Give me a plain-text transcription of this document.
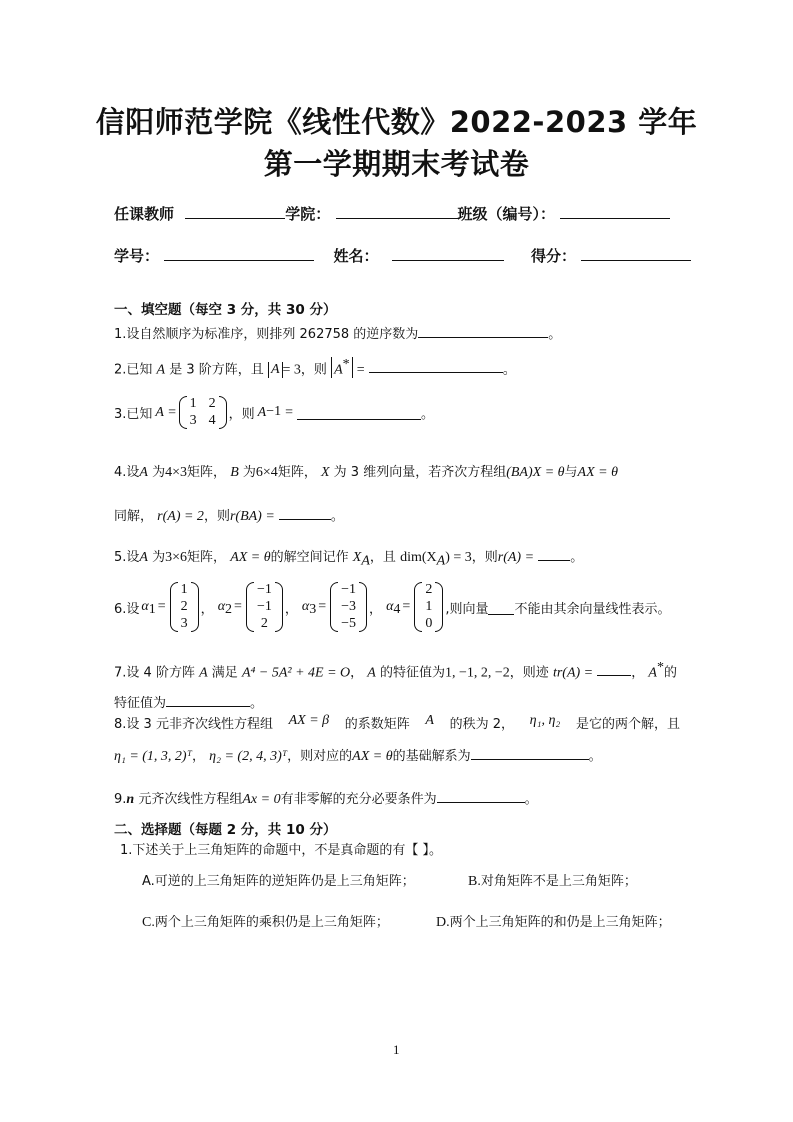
信阳师范学院《线性代数》2022-2023 学年
第一学期期末考试卷
任课教师	学院：	班级（编号）：
学号：	姓名：	得分：
一、填空题（每空 3 分，共 30 分）
1.设自然顺序为标准序，则排列 262758 的逆序数为	。
2.已知 A 是 3 阶方阵，且 A = 3，则 A* =	。
3.已知 A =
1 2
3 4 ，则 A −1 =	。
4.设A 为4×3矩阵， B 为6×4矩阵， X 为 3 维列向量，若齐次方程组(BA)X = θ与AX = θ
同解， r(A) = 2，则r(BA) =	。
5.设A 为3×6矩阵， AX = θ的解空间记作 $X_A$，且 $dim(X_A) = 3$，则r(A) =	。
6.设 α 1 =
1
2
3
， α 2 =
−1
−1
2
， α 3 =
−1
−3
−5
， α 4 =
2
1
0
,则向量 不能由其余向量线性表示。
7.设 4 阶方阵 A 满足 A⁴ − 5A² + 4E = O， A 的特征值为1, −1, 2, −2，则迹 tr(A) =	， A*的
特征值为	。
8.设 3 元非齐次线性方程组 AX = β 的系数矩阵 A 的秩为 2， η₁, η₂ 是它的两个解，且
η₁ = (1, 3, 2)ᵀ， η₂ = (2, 4, 3)ᵀ，则对应的AX = θ的基础解系为	。
9.n 元齐次线性方程组Ax = 0有非零解的充分必要条件为	。
二、选择题（每题 2 分，共 10 分）
1.下述关于上三角矩阵的命题中，不是真命题的有【 】。
A.可逆的上三角矩阵的逆矩阵仍是上三角矩阵；	B.对角矩阵不是上三角矩阵；
C.两个上三角矩阵的乘积仍是上三角矩阵；	D.两个上三角矩阵的和仍是上三角矩阵；
1
